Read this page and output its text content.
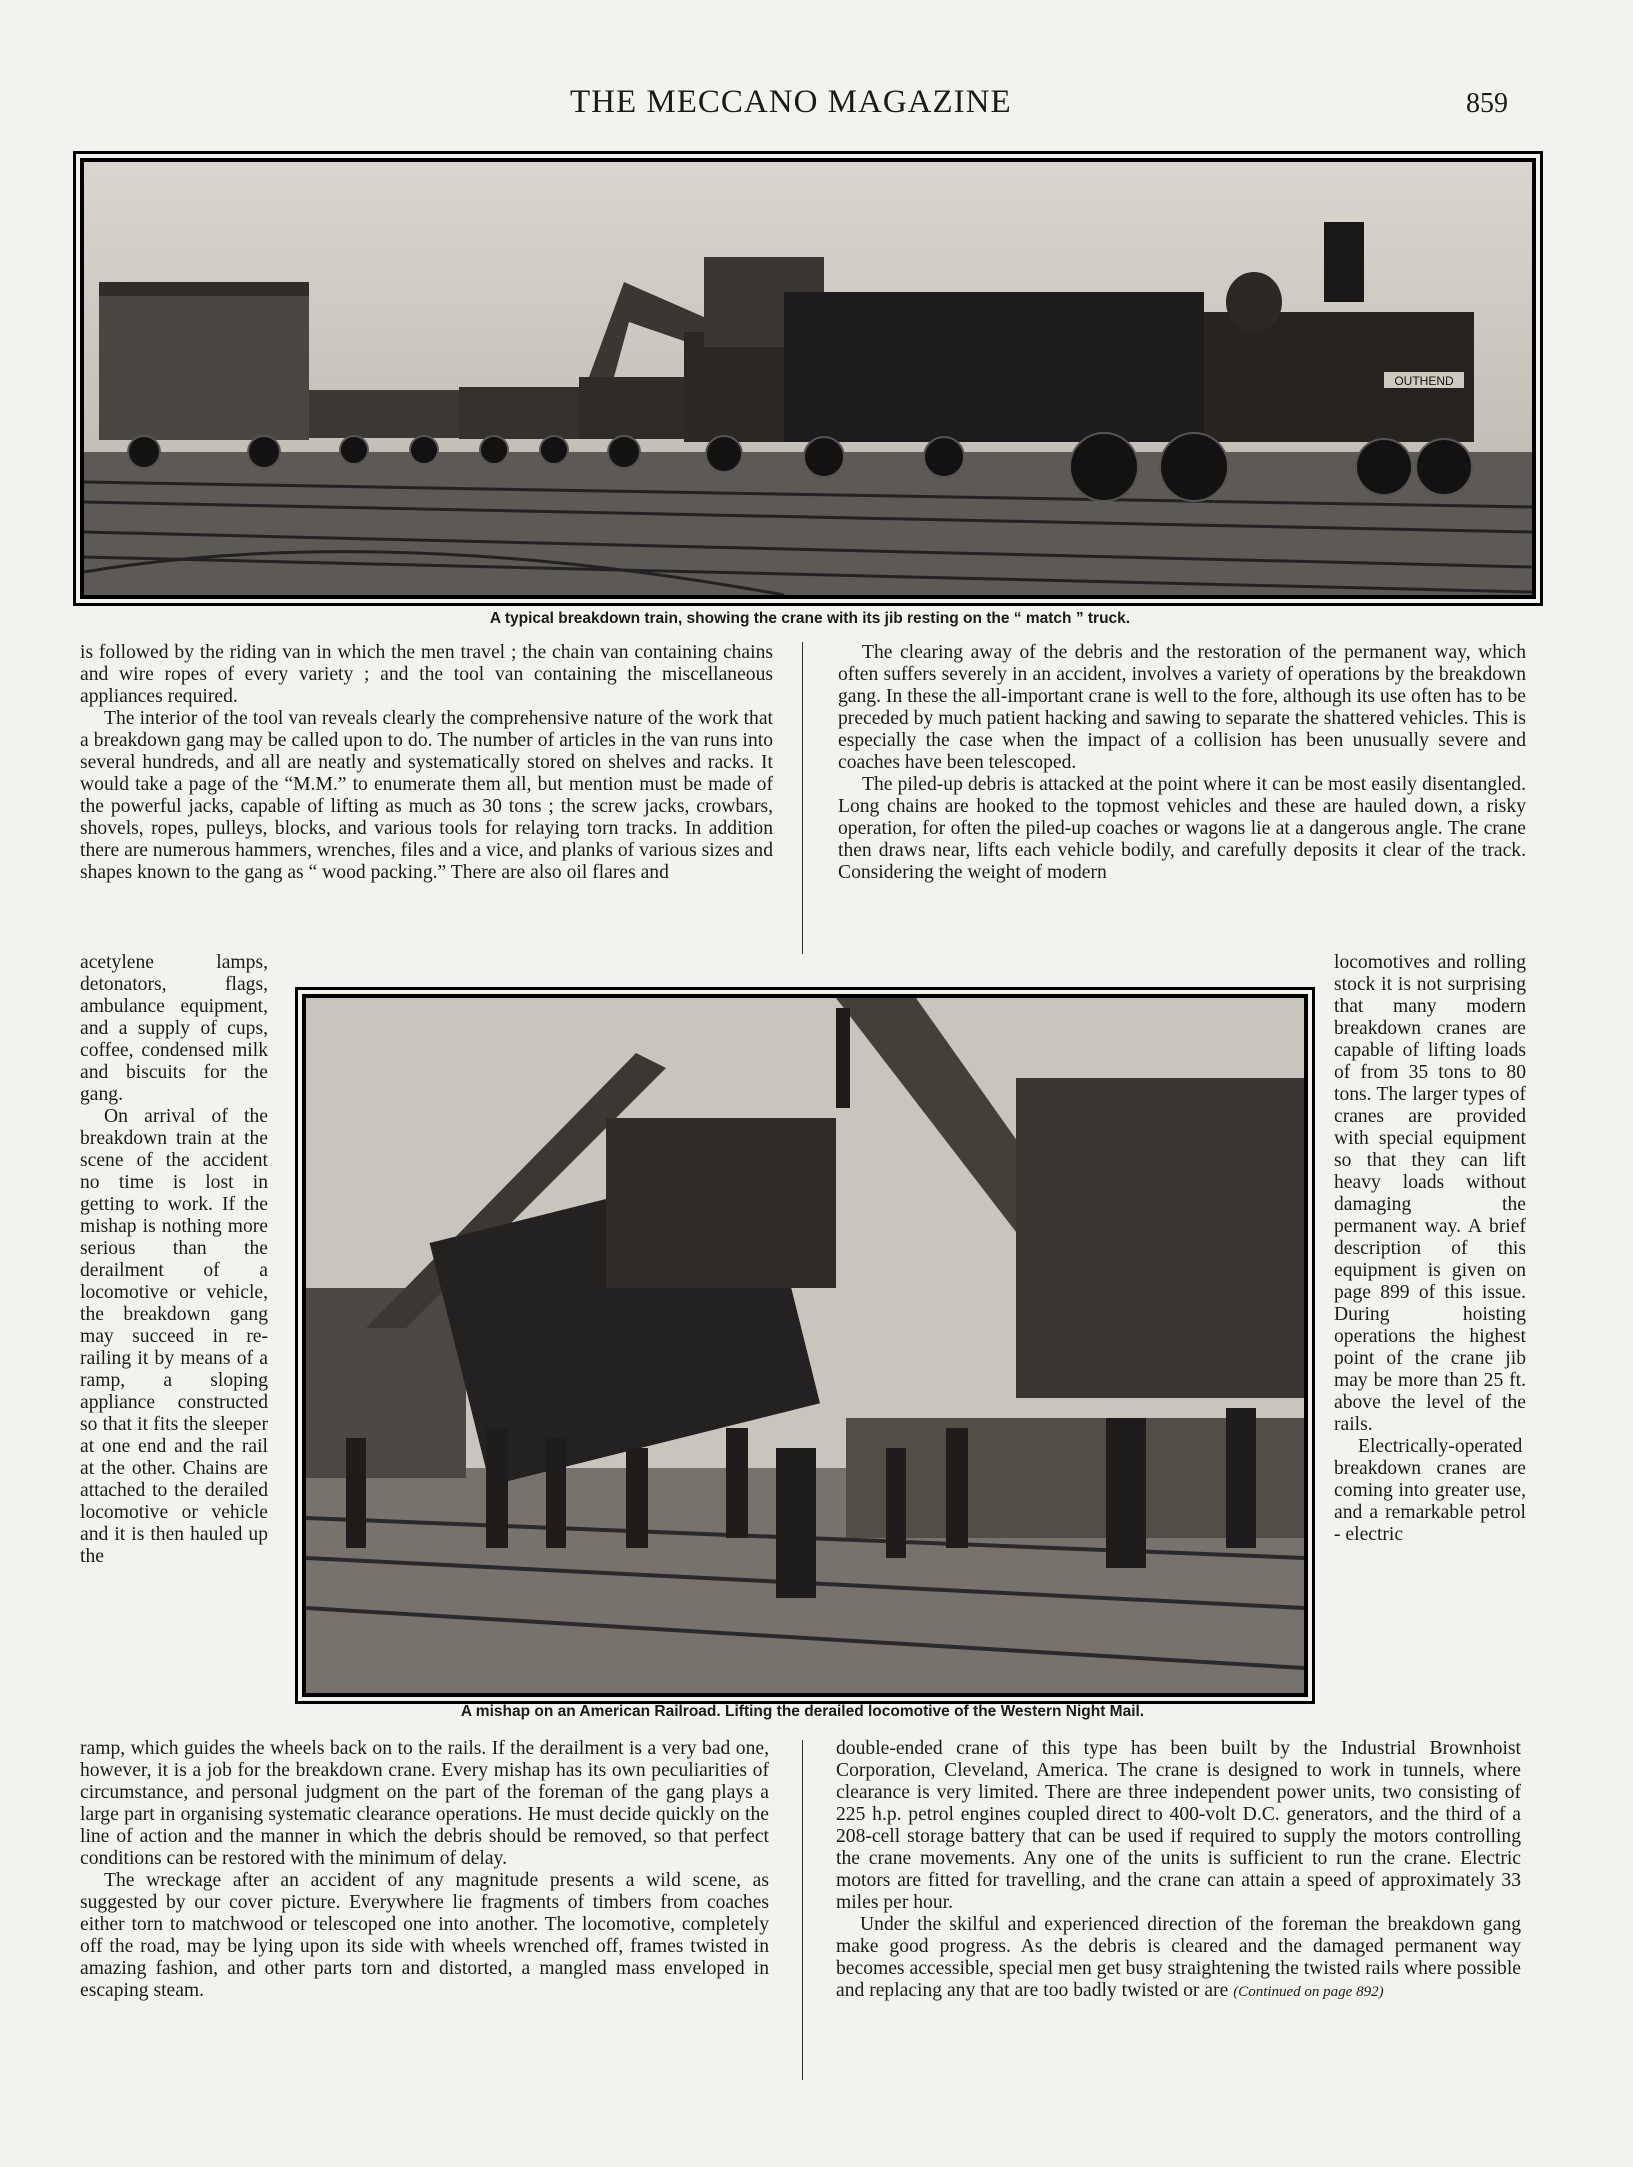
THE MECCANO MAGAZINE	859
OUTHEND
A typical breakdown train, showing the crane with its jib resting on the “ match ” truck.

is followed by the riding van in which the men travel ; the chain van containing chains and wire ropes of every variety ; and the tool van containing the miscellaneous appliances required.

The interior of the tool van reveals clearly the comprehensive nature of the work that a breakdown gang may be called upon to do. The number of articles in the van runs into several hundreds, and all are neatly and systematically stored on shelves and racks. It would take a page of the “M.M.” to enumerate them all, but mention must be made of the powerful jacks, capable of lifting as much as 30 tons ; the screw jacks, crowbars, shovels, ropes, pulleys, blocks, and various tools for relaying torn tracks. In addition there are numerous hammers, wrenches, files and a vice, and planks of various sizes and shapes known to the gang as “ wood packing.” There are also oil flares and

acetylene lamps, detonators, flags, ambulance equipment, and a supply of cups, coffee, condensed milk and biscuits for the gang.

On arrival of the breakdown train at the scene of the accident no time is lost in getting to work. If the mishap is nothing more serious than the derailment of a locomotive or vehicle, the breakdown gang may succeed in re-railing it by means of a ramp, a sloping appliance constructed so that it fits the sleeper at one end and the rail at the other. Chains are attached to the derailed locomotive or vehicle and it is then hauled up the

The clearing away of the debris and the restoration of the permanent way, which often suffers severely in an accident, involves a variety of operations by the breakdown gang. In these the all-important crane is well to the fore, although its use often has to be preceded by much patient hacking and sawing to separate the shattered vehicles. This is especially the case when the impact of a collision has been unusually severe and coaches have been telescoped.

The piled-up debris is attacked at the point where it can be most easily disentangled. Long chains are hooked to the topmost vehicles and these are hauled down, a risky operation, for often the piled-up coaches or wagons lie at a dangerous angle. The crane then draws near, lifts each vehicle bodily, and carefully deposits it clear of the track. Considering the weight of modern

locomotives and rolling stock it is not surprising that many modern breakdown cranes are capable of lifting loads of from 35 tons to 80 tons. The larger types of cranes are provided with special equipment so that they can lift heavy loads without damaging the permanent way. A brief description of this equipment is given on page 899 of this issue. During hoisting operations the highest point of the crane jib may be more than 25 ft. above the level of the rails.

Electrically-operated breakdown cranes are coming into greater use, and a remarkable petrol - electric

A mishap on an American Railroad. Lifting the derailed locomotive of the Western Night Mail.

ramp, which guides the wheels back on to the rails. If the derailment is a very bad one, however, it is a job for the breakdown crane. Every mishap has its own peculiarities of circumstance, and personal judgment on the part of the foreman of the gang plays a large part in organising systematic clearance operations. He must decide quickly on the line of action and the manner in which the debris should be removed, so that perfect conditions can be restored with the minimum of delay.

The wreckage after an accident of any magnitude presents a wild scene, as suggested by our cover picture. Everywhere lie fragments of timbers from coaches either torn to matchwood or telescoped one into another. The locomotive, completely off the road, may be lying upon its side with wheels wrenched off, frames twisted in amazing fashion, and other parts torn and distorted, a mangled mass enveloped in escaping steam.

double-ended crane of this type has been built by the Industrial Brownhoist Corporation, Cleveland, America. The crane is designed to work in tunnels, where clearance is very limited. There are three independent power units, two consisting of 225 h.p. petrol engines coupled direct to 400-volt D.C. generators, and the third of a 208-cell storage battery that can be used if required to supply the motors controlling the crane movements. Any one of the units is sufficient to run the crane. Electric motors are fitted for travelling, and the crane can attain a speed of approximately 33 miles per hour.

Under the skilful and experienced direction of the foreman the breakdown gang make good progress. As the debris is cleared and the damaged permanent way becomes accessible, special men get busy straightening the twisted rails where possible and replacing any that are too badly twisted or are (Continued on page 892)
